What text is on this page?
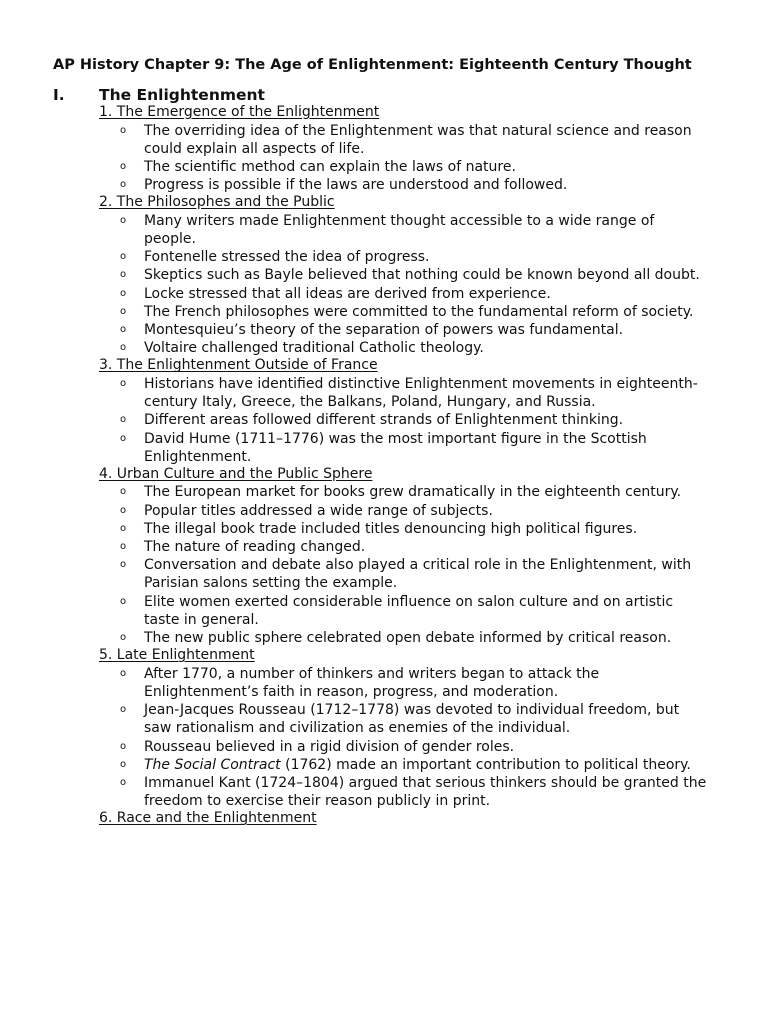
AP History Chapter 9: The Age of Enlightenment: Eighteenth Century Thought
I.	The Enlightenment
1. The Emergence of the Enlightenment
o The overriding idea of the Enlightenment was that natural science and reason could explain all aspects of life.
o The scientific method can explain the laws of nature.
o Progress is possible if the laws are understood and followed.
2. The Philosophes and the Public
o Many writers made Enlightenment thought accessible to a wide range of people.
o Fontenelle stressed the idea of progress.
o Skeptics such as Bayle believed that nothing could be known beyond all doubt.
o Locke stressed that all ideas are derived from experience.
o The French philosophes were committed to the fundamental reform of society.
o Montesquieu’s theory of the separation of powers was fundamental.
o Voltaire challenged traditional Catholic theology.
3. The Enlightenment Outside of France
o Historians have identified distinctive Enlightenment movements in eighteenth-century Italy, Greece, the Balkans, Poland, Hungary, and Russia.
o Different areas followed different strands of Enlightenment thinking.
o David Hume (1711–1776) was the most important figure in the Scottish Enlightenment.
4. Urban Culture and the Public Sphere
o The European market for books grew dramatically in the eighteenth century.
o Popular titles addressed a wide range of subjects.
o The illegal book trade included titles denouncing high political figures.
o The nature of reading changed.
o Conversation and debate also played a critical role in the Enlightenment, with Parisian salons setting the example.
o Elite women exerted considerable influence on salon culture and on artistic taste in general.
o The new public sphere celebrated open debate informed by critical reason.
5. Late Enlightenment
o After 1770, a number of thinkers and writers began to attack the Enlightenment’s faith in reason, progress, and moderation.
o Jean-Jacques Rousseau (1712–1778) was devoted to individual freedom, but saw rationalism and civilization as enemies of the individual.
o Rousseau believed in a rigid division of gender roles.
o The Social Contract (1762) made an important contribution to political theory.
o Immanuel Kant (1724–1804) argued that serious thinkers should be granted the freedom to exercise their reason publicly in print.
6. Race and the Enlightenment
